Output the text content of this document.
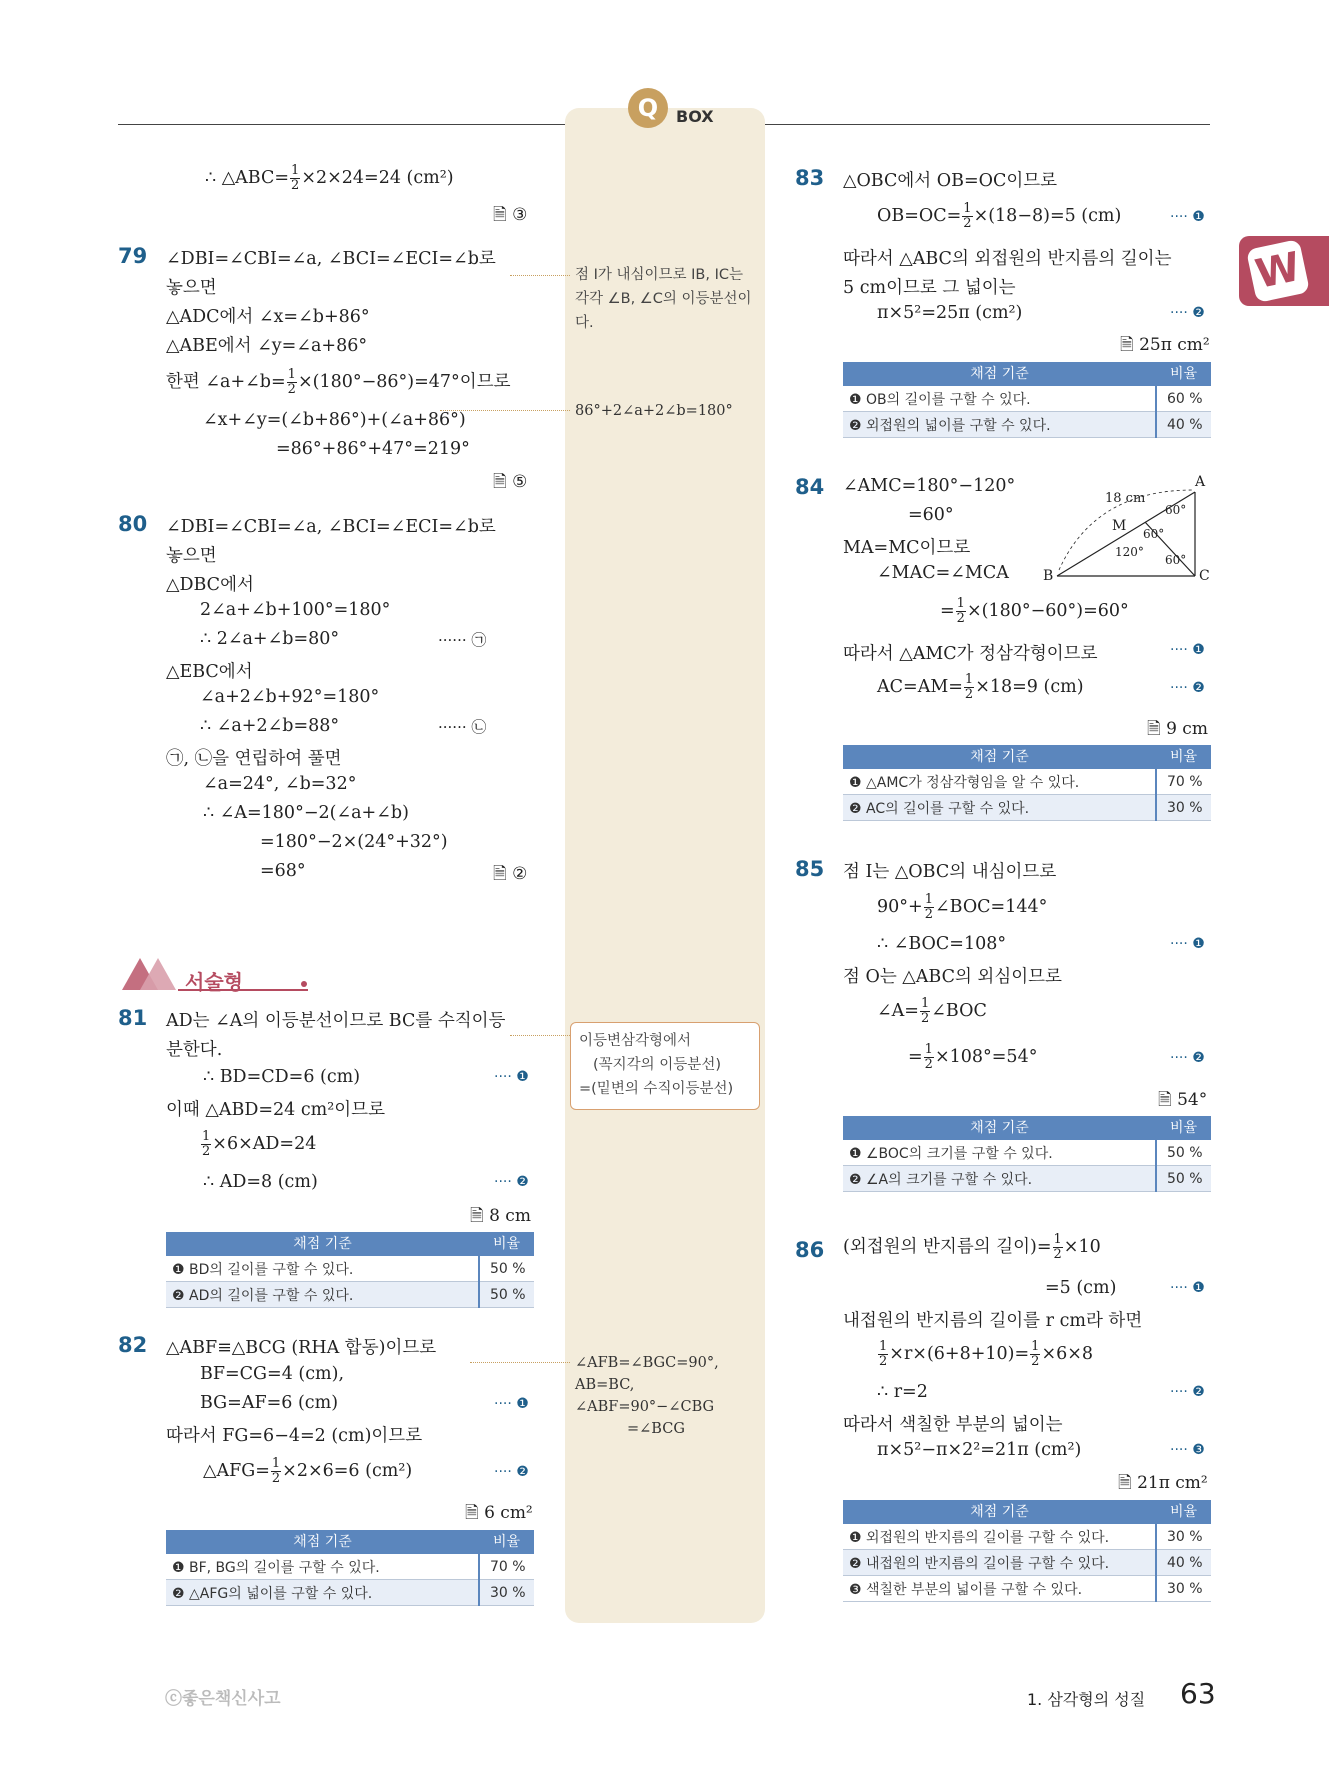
Q	BOX
W
∴ △ABC= $\frac{1}{2} \times 2\times 24=24$ (cm²)
🗎 ③
79 ∠DBI=∠CBI=∠a, ∠BCI=∠ECI=∠b로
놓으면
△ADC에서 ∠x=∠b+86°
△ABE에서 ∠y=∠a+86°
한편 ∠a+∠b= $\frac{1}{2} \times(180^\circ-86^\circ)=47^\circ$이므로
∠x+∠y=(∠b+86°)+(∠a+86°)
=86°+86°+47°=219°
🗎 ⑤
80 ∠DBI=∠CBI=∠a, ∠BCI=∠ECI=∠b로
놓으면
△DBC에서
2∠a+∠b+100°=180°
∴ 2∠a+∠b=80°	······ ㉠
△EBC에서
∠a+2∠b+92°=180°
∴ ∠a+2∠b=88°	······ ㉡
㉠, ㉡을 연립하여 풀면
∠a=24°, ∠b=32°
∴ ∠A=180°−2(∠a+∠b)
=180°−2×(24°+32°)
=68°	🗎 ②
서술형
81 AD는 ∠A의 이등분선이므로 BC를 수직이등
분한다.
∴ BD=CD=6 (cm)	···· ❶
이때 △ABD=24 cm²이므로
$\frac{1}{2} \times 6\times AD=24$
∴ AD=8 (cm)	···· ❷
🗎 8 cm
채점 기준	비율
❶ BD의 길이를 구할 수 있다.	50 %
❷ AD의 길이를 구할 수 있다.	50 %
82 △ABF≡△BCG (RHA 합동)이므로
BF=CG=4 (cm),
BG=AF=6 (cm)	···· ❶
따라서 FG=6−4=2 (cm)이므로
△AFG= $\frac{1}{2} \times 2\times 6=6$ (cm²)	···· ❷
🗎 6 cm²
채점 기준	비율
❶ BF, BG의 길이를 구할 수 있다.	70 %
❷ △AFG의 넓이를 구할 수 있다.	30 %
점 I가 내심이므로 IB, IC는 각각 ∠B, ∠C의 이등분선이다.
86°+2∠a+2∠b=180°
이등변삼각형에서
(꼭지각의 이등분선)
=(밑변의 수직이등분선)
∠AFB=∠BGC=90°,
AB=BC,
∠ABF=90°−∠CBG
=∠BCG
83 △OBC에서 OB=OC이므로
$OB=OC= \frac{1}{2} \times(18-8)=5$ (cm)	···· ❶
따라서 △ABC의 외접원의 반지름의 길이는
5 cm이므로 그 넓이는
π×5²=25π (cm²)	···· ❷
🗎 25π cm²
채점 기준	비율
❶ OB의 길이를 구할 수 있다.	60 %
❷ 외접원의 넓이를 구할 수 있다.	40 %
84 ∠AMC=180°−120°
=60°
MA=MC이므로
∠MAC=∠MCA
= $\frac{1}{2} \times(180^\circ-60^\circ)=60^\circ$
따라서 △AMC가 정삼각형이므로	···· ❶
$AC=AM= \frac{1}{2} \times 18=9$ (cm)	···· ❷
🗎 9 cm
A
B	C
M
18 cm
60°
60°
60°
120°
채점 기준	비율
❶ △AMC가 정삼각형임을 알 수 있다.	70 %
❷ AC의 길이를 구할 수 있다.	30 %
85 점 I는 △OBC의 내심이므로
$90^\circ+ \frac{1}{2}$ ∠BOC=144°
∴ ∠BOC=108°	···· ❶
점 O는 △ABC의 외심이므로
∠A= $\frac{1}{2}$ ∠BOC
= $\frac{1}{2} \times 108^\circ=54^\circ$	···· ❷
🗎 54°
채점 기준	비율
❶ ∠BOC의 크기를 구할 수 있다.	50 %
❷ ∠A의 크기를 구할 수 있다.	50 %
86 (외접원의 반지름의 길이)= $\frac{1}{2} \times 10$
=5 (cm)	···· ❶
내접원의 반지름의 길이를 r cm라 하면
$\frac{1}{2} \times r\times(6+8+10)= \frac{1}{2} \times 6\times 8$
∴ r=2	···· ❷
따라서 색칠한 부분의 넓이는
π×5²−π×2²=21π (cm²)	···· ❸
🗎 21π cm²
채점 기준	비율
❶ 외접원의 반지름의 길이를 구할 수 있다.	30 %
❷ 내접원의 반지름의 길이를 구할 수 있다.	40 %
❸ 색칠한 부분의 넓이를 구할 수 있다.	30 %
ⓒ좋은책신사고	1. 삼각형의 성질 63
